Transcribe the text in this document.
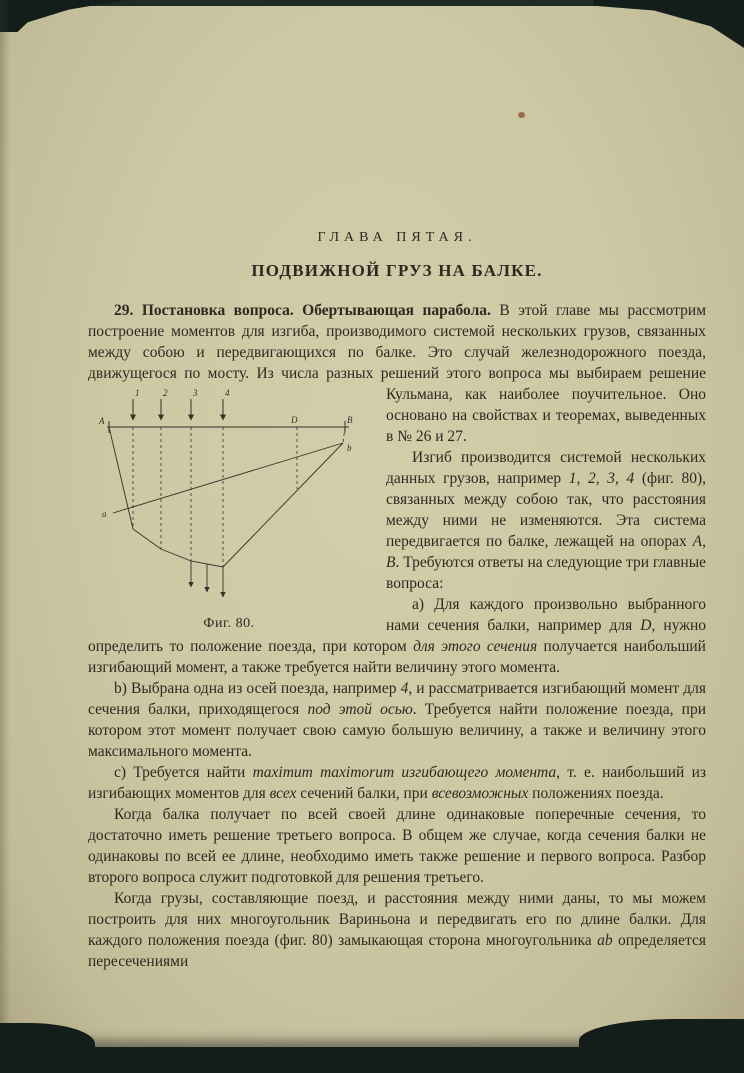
ГЛАВА ПЯТАЯ.
ПОДВИЖНОЙ ГРУЗ НА БАЛКЕ.

29. Постановка вопроса. Обертывающая парабола. В этой главе мы рассмотрим построение моментов для изгиба, производимого системой нескольких грузов, связанных между собою и передвигающихся по балке. Это случай железнодорожного поезда, движущегося по мосту. Из числа разных решений этого вопроса мы выбираем решение Кульмана,
1	2	3	4
A	D	B
b
a
Фиг. 80.
как наиболее поучительное. Оно основано на свойствах и теоремах, выведенных в № 26 и 27.

Изгиб производится системой нескольких данных грузов, например 1, 2, 3, 4 (фиг. 80), связанных между собою так, что расстояния между ними не изменяются. Эта система передвигается по балке, лежащей на опорах А, В. Требуются ответы на следующие три главные вопроса:

а) Для каждого произвольно выбранного нами сечения балки, например для D, нужно определить то положение поезда, при котором для этого сечения получается наибольший изгибающий момент, а также требуется найти величину этого момента.

b) Выбрана одна из осей поезда, например 4, и рассматривается изгибающий момент для сечения балки, приходящегося под этой осью. Требуется найти положение поезда, при котором этот момент получает свою самую большую величину, а также и величину этого максимального момента.

c) Требуется найти maximum maximorum изгибающего момента, т. е. наибольший из изгибающих моментов для всех сечений балки, при всевозможных положениях поезда.

Когда балка получает по всей своей длине одинаковые поперечные сечения, то достаточно иметь решение третьего вопроса. В общем же случае, когда сечения балки не одинаковы по всей ее длине, необходимо иметь также решение и первого вопроса. Разбор второго вопроса служит подготовкой для решения третьего.

Когда грузы, составляющие поезд, и расстояния между ними даны, то мы можем построить для них многоугольник Вариньона и передвигать его по длине балки. Для каждого положения поезда (фиг. 80) замыкающая сторона многоугольника ab определяется пересечениями
